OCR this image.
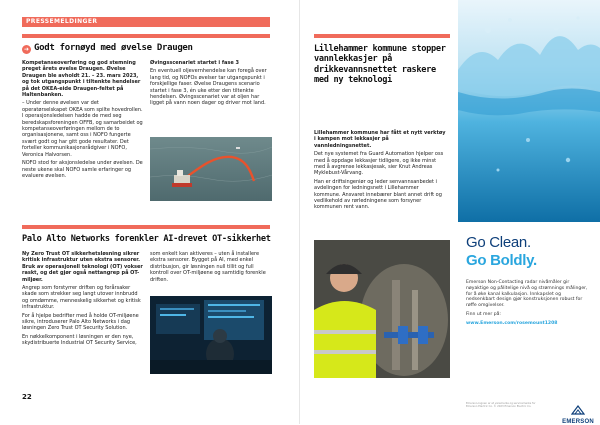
PRESSEMELDINGER
➜ Godt fornøyd med øvelse Draugen

Kompetanseoverføring og god stemning preget årets øvelse Draugen. Øvelse Draugen ble avholdt 21. – 23. mars 2023, og tok utgangspunkt i tiltenkte hendelser på det OKEA-eide Draugen-feltet på Haltenbanken.

– Under denne øvelsen var det operatørselskapet OKEA som spilte hovedrollen. I operasjonsledelsen hadde de med seg beredskapsforeningen OFFB, og samarbeidet og kompetanseoverføringen mellom de to organisasjonene, samt oss i NOFO fungerte svært godt og har gitt gode resultater. Det forteller kommunikasjonsrådgiver i NOFO, Veronica Halvorsen.

NOFO stod for aksjonsledelse under øvelsen. De neste ukene skal NOFO samle erfaringer og evaluere øvelsen.

Øvingsscenariet startet i fase 3

En eventuell oljevernhendelse kan foregå over lang tid, og NOFOs øvelser tar utgangspunkt i forskjellige faser. Øvelse Draugens scenario startet i fase 3, én uke etter den tiltenkte hendelsen. Øvingsscenariet var at oljen har ligget på vann noen dager og driver mot land.

Palo Alto Networks forenkler AI-drevet OT-sikkerhet

Ny Zero Trust OT sikkerhetsløsning sikrer kritisk infrastruktur uten ekstra sensorer. Bruk av operasjonell teknologi (OT) vokser raskt, og det gjør også nettangrep på OT-miljøer.

Angrep som forstyrrer driften og forårsaker skade som strekker seg langt utover innbrudd og omdømme, menneskelig sikkerhet og kritisk infrastruktur.

For å hjelpe bedrifter med å holde OT-miljøene sikre, introduserer Palo Alto Networks i dag løsningen Zero Trust OT Security Solution.

En nøkkelkomponent i løsningen er den nye, skydistribuerte Industrial OT Security Service,

som enkelt kan aktiveres – uten å installere ekstra sensorer. Bygget på AI, med enkel distribusjon, gir løsningen null tillit og full kontroll over OT-miljøene og samtidig forenkle driften.

22
Lillehammer kommune stopper vannlekkasjer på drikkevannsnettet raskere med ny teknologi

Lillehammer kommune har fått et nytt verktøy i kampen mot lekkasjer på vannledningsnettet.

Det nye systemet fra Guard Automation hjelper oss med å oppdage lekkasjer tidligere, og ikke minst med å avgrense lekkasjesak, sier Knut Andreas Myklebust-Vårvang.

Han er driftsingeniør og leder senvannsanbedet i avdelingen for ledningsnett i Lillehammer kommune. Ansvaret innebærer blant annet drift og vedlikehold av rørledningene som forsyner kommunen rent vann.

Go Clean.
Go Boldly.

Emerson Non-Contacting radar nivåmåler gir nøyaktige og pålitelige nivå og strømnings målinger, for å øke kanal kalkulasjon. Innkapslet og nedsenkbart design gjør konstruksjonen robust for røffe omgivelser.

Finn ut mer på:

www.Emerson.com/rosemount1208

Emerson-logoen er et varemerke og servicemerke for Emerson Electric Co. © 2023 Emerson Electric Co.
EMERSON
